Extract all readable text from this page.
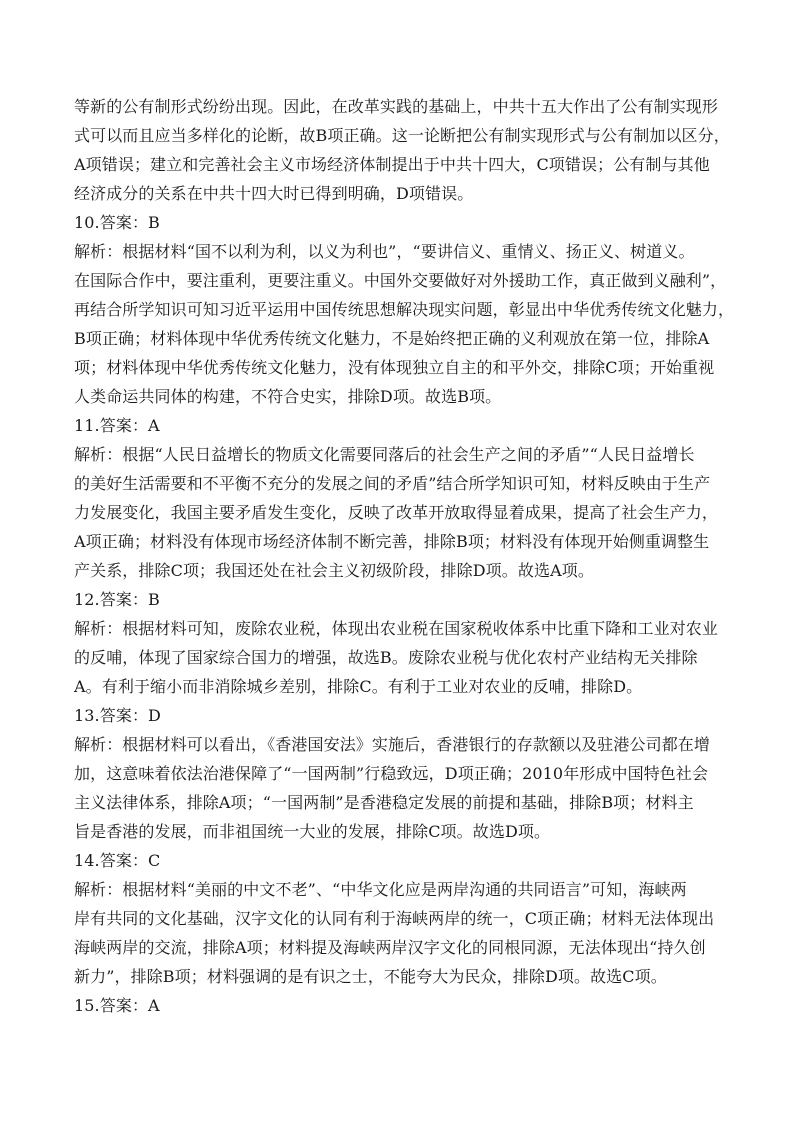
等新的公有制形式纷纷出现。因此，在改革实践的基础上，中共十五大作出了公有制实现形
式可以而且应当多样化的论断，故B项正确。这一论断把公有制实现形式与公有制加以区分，
A项错误；建立和完善社会主义市场经济体制提出于中共十四大，C项错误；公有制与其他
经济成分的关系在中共十四大时已得到明确，D项错误。
10.答案：B
解析：根据材料“国不以利为利，以义为利也”，“要讲信义、重情义、扬正义、树道义。
在国际合作中，要注重利，更要注重义。中国外交要做好对外援助工作，真正做到义融利”，
再结合所学知识可知习近平运用中国传统思想解决现实问题，彰显出中华优秀传统文化魅力，
B项正确；材料体现中华优秀传统文化魅力，不是始终把正确的义利观放在第一位，排除A
项；材料体现中华优秀传统文化魅力，没有体现独立自主的和平外交，排除C项；开始重视
人类命运共同体的构建，不符合史实，排除D项。故选B项。
11.答案：A
解析：根据“人民日益增长的物质文化需要同落后的社会生产之间的矛盾”“人民日益增长
的美好生活需要和不平衡不充分的发展之间的矛盾”结合所学知识可知，材料反映由于生产
力发展变化，我国主要矛盾发生变化，反映了改革开放取得显着成果，提高了社会生产力，
A项正确；材料没有体现市场经济体制不断完善，排除B项；材料没有体现开始侧重调整生
产关系，排除C项；我国还处在社会主义初级阶段，排除D项。故选A项。
12.答案：B
解析：根据材料可知，废除农业税，体现出农业税在国家税收体系中比重下降和工业对农业
的反哺，体现了国家综合国力的增强，故选B。废除农业税与优化农村产业结构无关排除
A。有利于缩小而非消除城乡差别，排除C。有利于工业对农业的反哺，排除D。
13.答案：D
解析：根据材料可以看出，《香港国安法》实施后，香港银行的存款额以及驻港公司都在增
加，这意味着依法治港保障了“一国两制”行稳致远，D项正确；2010年形成中国特色社会
主义法律体系，排除A项；“一国两制”是香港稳定发展的前提和基础，排除B项；材料主
旨是香港的发展，而非祖国统一大业的发展，排除C项。故选D项。
14.答案：C
解析：根据材料“美丽的中文不老”、“中华文化应是两岸沟通的共同语言”可知，海峡两
岸有共同的文化基础，汉字文化的认同有利于海峡两岸的统一，C项正确；材料无法体现出
海峡两岸的交流，排除A项；材料提及海峡两岸汉字文化的同根同源，无法体现出“持久创
新力”，排除B项；材料强调的是有识之士，不能夸大为民众，排除D项。故选C项。
15.答案：A
